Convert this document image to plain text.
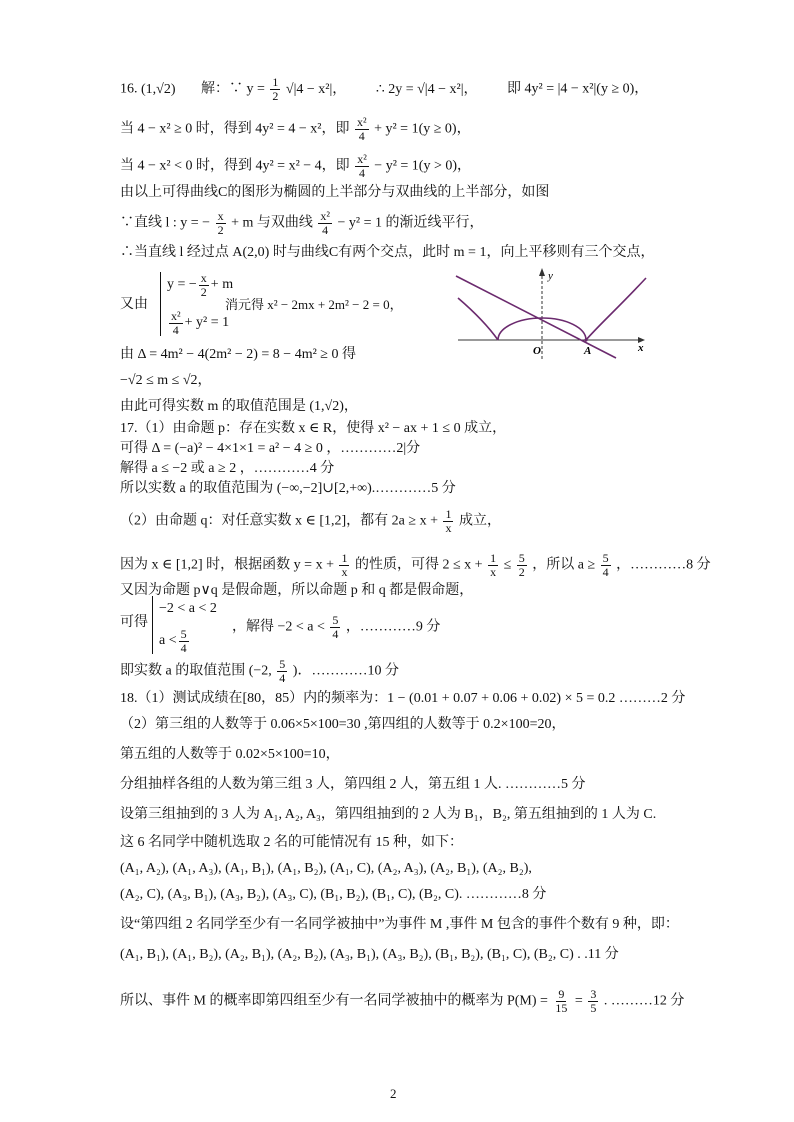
16. (1,√2) 解：∵ $y = \frac{1}{2} √|4 - x^2|$， ∴ 2y = √|4 − x²|， 即 4y² = |4 − x²|(y ≥ 0)，
当 4 − x² ≥ 0 时，得到 4y² = 4 − x²，即 $\frac{\text{x²}}{4} + y^2 = 1(y \ge 0)$，
当 4 − x² < 0 时，得到 4y² = x² − 4，即 $\frac{\text{x²}}{4} - y^2 = 1(y > 0)$，
由以上可得曲线C的图形为椭圆的上半部分与双曲线的上半部分，如图
∵直线 l : y = − $\frac{x}{2} + m$ 与双曲线 $\frac{\text{x²}}{4} - y^2 = 1$ 的渐近线平行，
∴当直线 l 经过点 A(2,0) 时与曲线C有两个交点，此时 m = 1，向上平移则有三个交点，
又由
y = − $\frac{x}{2} + m$
$\frac{\text{x²}}{4} + y^2 = 1$
消元得 x² − 2mx + 2m² − 2 = 0，
由 Δ = 4m² − 4(2m² − 2) = 8 − 4m² ≥ 0 得
−√2 ≤ m ≤ √2，
由此可得实数 m 的取值范围是 (1,√2)，
y
x
O	A
17.（1）由命题 p：存在实数 x ∈ R，使得 x² − ax + 1 ≤ 0 成立，
可得 Δ = (−a)² − 4×1×1 = a² − 4 ≥ 0 ，…………2|分
解得 a ≤ −2 或 a ≥ 2 ，…………4 分
所以实数 a 的取值范围为 (−∞,−2]∪[2,+∞).…………5 分
（2）由命题 q：对任意实数 x ∈ [1,2]，都有 $2a \ge x + \frac{1}{x}$ 成立，
因为 x ∈ [1,2] 时，根据函数 $y = x + \frac{1}{x}$ 的性质，可得 $2 \le x + \frac{1}{x} \le \frac{5}{2}$ ，所以 $a \ge \frac{5}{4}$ ，…………8 分
又因为命题 p∨q 是假命题，所以命题 p 和 q 都是假命题，
可得
−2 < a < 2
$a < \frac{5}{4}$
，解得 $-2 < a < \frac{5}{4}$ ，…………9 分
即实数 a 的取值范围 (−2, $\frac{5}{4}$ )．…………10 分
18.（1）测试成绩在[80，85）内的频率为：1 − (0.01 + 0.07 + 0.06 + 0.02) × 5 = 0.2 ………2 分
（2）第三组的人数等于 0.06×5×100=30 ,第四组的人数等于 0.2×100=20，
第五组的人数等于 0.02×5×100=10，
分组抽样各组的人数为第三组 3 人，第四组 2 人，第五组 1 人. …………5 分
设第三组抽到的 3 人为 A₁, A₂, A₃，第四组抽到的 2 人为 B₁，B₂, 第五组抽到的 1 人为 C.
这 6 名同学中随机选取 2 名的可能情况有 15 种，如下：
(A₁, A₂), (A₁, A₃), (A₁, B₁), (A₁, B₂), (A₁, C), (A₂, A₃), (A₂, B₁), (A₂, B₂),
(A₂, C), (A₃, B₁), (A₃, B₂), (A₃, C), (B₁, B₂), (B₁, C), (B₂, C). …………8 分
设“第四组 2 名同学至少有一名同学被抽中”为事件 M ,事件 M 包含的事件个数有 9 种，即：
(A₁, B₁), (A₁, B₂), (A₂, B₁), (A₂, B₂), (A₃, B₁), (A₃, B₂), (B₁, B₂), (B₁, C), (B₂, C) . .11 分
所以、事件 M 的概率即第四组至少有一名同学被抽中的概率为 $P(M) = \frac{9}{15} = \frac{3}{5}$ . ………12 分
2
